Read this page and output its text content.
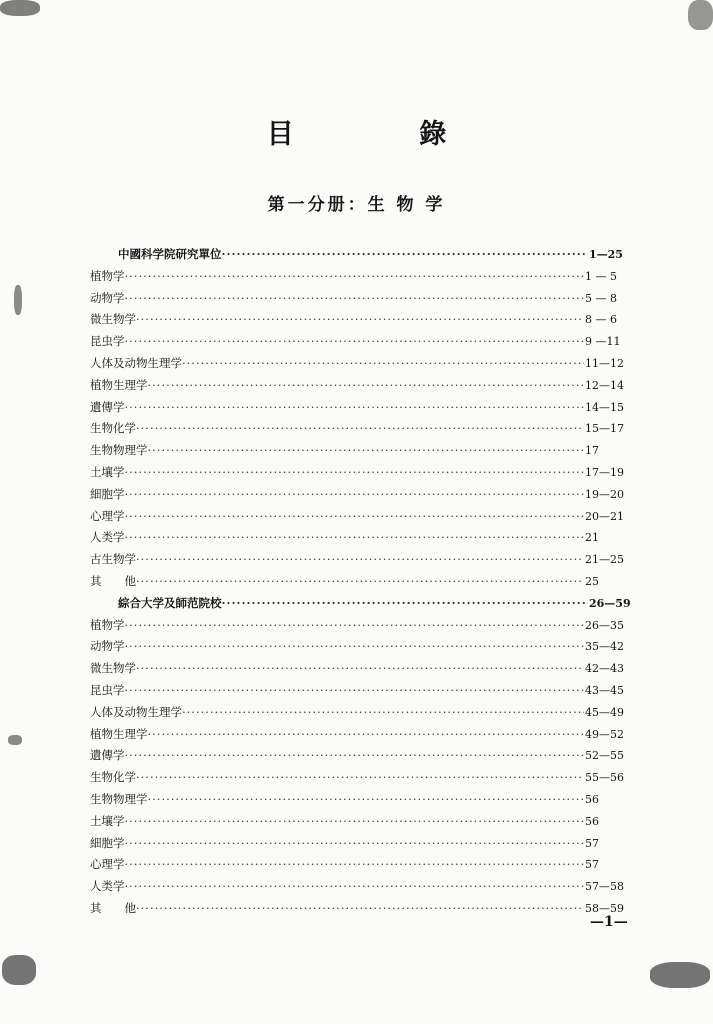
目 錄
第一分册：生 物 学
中國科学院研究單位 ·····	1—25
植物学 ·····	1 — 5
动物学 ·····	5 — 8
微生物学 ·····	8 — 6
昆虫学 ·····	9 —11
人体及动物生理学 ·····	11—12
植物生理学 ·····	12—14
遺傳学 ·····	14—15
生物化学 ·····	15—17
生物物理学 ·····	17
土壤学 ·····	17—19
細胞学 ·····	19—20
心理学 ·····	20—21
人类学 ·····	21
古生物学 ·····	21—25
其　　他 ·····	25
綜合大学及師范院校 ·····	26—59
植物学 ·····	26—35
动物学 ·····	35—42
微生物学 ·····	42—43
昆虫学 ·····	43—45
人体及动物生理学 ·····	45—49
植物生理学 ·····	49—52
遺傳学 ·····	52—55
生物化学 ·····	55—56
生物物理学 ·····	56
土壤学 ·····	56
細胞学 ·····	57
心理学 ·····	57
人类学 ·····	57—58
其　　他 ·····	58—59
—1—
